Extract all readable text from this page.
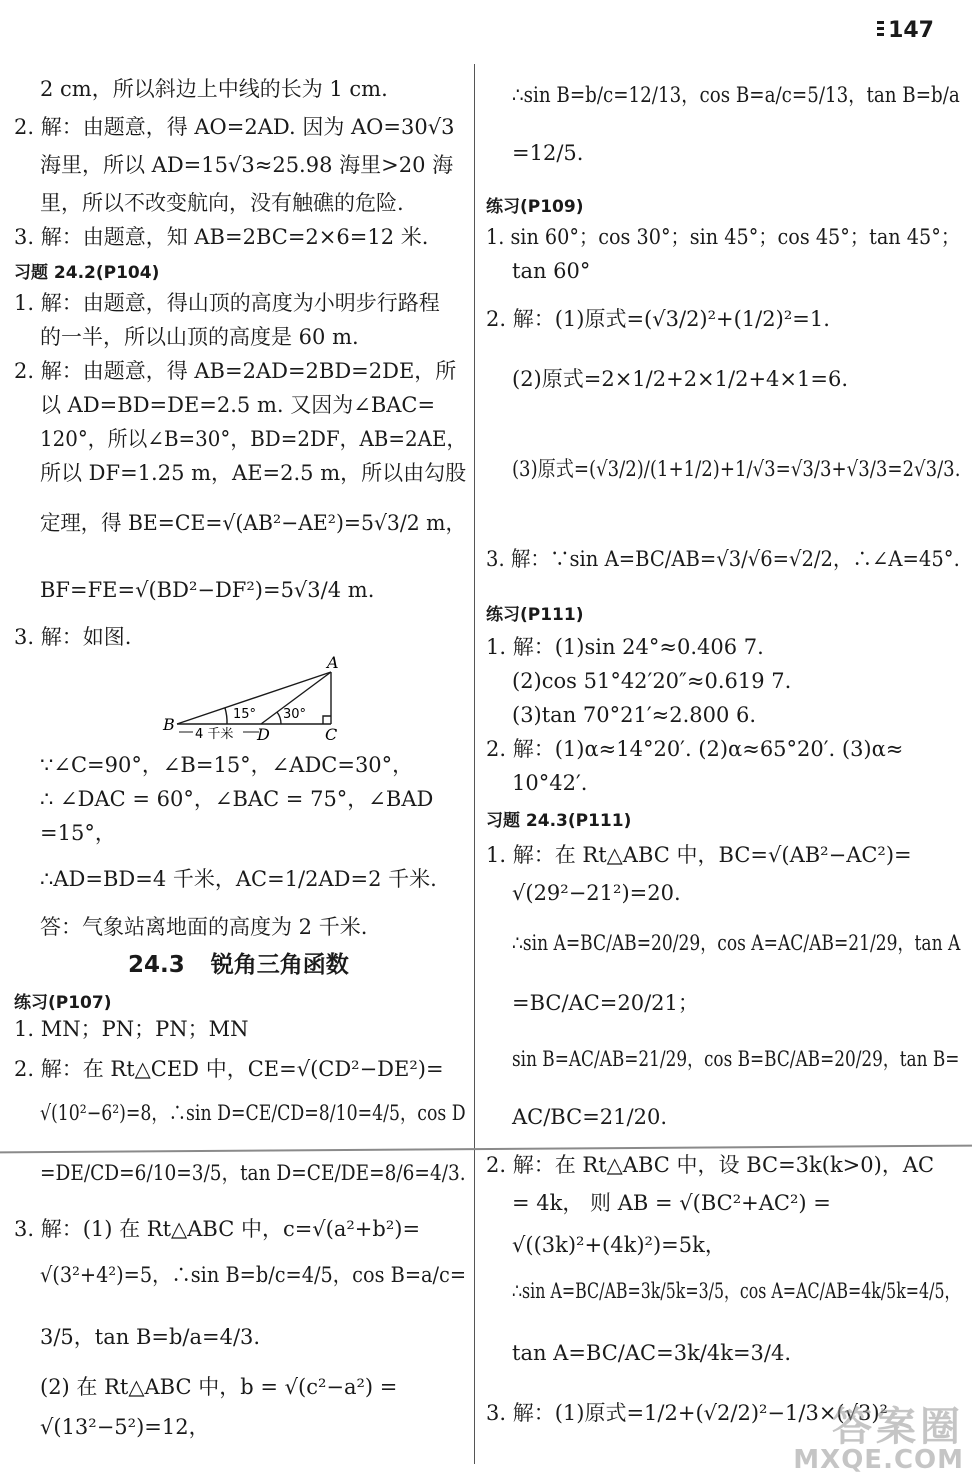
147
2 cm，所以斜边上中线的长为 1 cm.
2. 解：由题意，得 AO=2AD. 因为 AO=30√3
海里，所以 AD=15√3≈25.98 海里>20 海
里，所以不改变航向，没有触礁的危险.
3. 解：由题意，知 AB=2BC=2×6=12 米.
1. 解：由题意，得山顶的高度为小明步行路程
的一半，所以山顶的高度是 60 m.
2. 解：由题意，得 AB=2AD=2BD=2DE，所
以 AD=BD=DE=2.5 m. 又因为∠BAC=
120°，所以∠B=30°，BD=2DF，AB=2AE，
所以 DF=1.25 m，AE=2.5 m，所以由勾股
定理，得 BE=CE=√(AB²−AE²)=5√3/2 m，
BF=FE=√(BD²−DF²)=5√3/4 m.
3. 解：如图.
∵∠C=90°，∠B=15°，∠ADC=30°，
∴ ∠DAC = 60°，∠BAC = 75°，∠BAD
=15°，
∴AD=BD=4 千米，AC=1/2AD=2 千米.
答：气象站离地面的高度为 2 千米.
1. MN；PN；PN；MN
2. 解：在 Rt△CED 中，CE=√(CD²−DE²)=
√(10²−6²)=8，∴sin D=CE/CD=8/10=4/5，cos D
=DE/CD=6/10=3/5，tan D=CE/DE=8/6=4/3.
3. 解：(1) 在 Rt△ABC 中，c=√(a²+b²)=
√(3²+4²)=5，∴sin B=b/c=4/5，cos B=a/c=
3/5，tan B=b/a=4/3.
(2) 在 Rt△ABC 中，b = √(c²−a²) =
√(13²−5²)=12，
习题 24.2(P104)
练习(P107)
∴sin B=b/c=12/13，cos B=a/c=5/13，tan B=b/a
=12/5.
1. sin 60°；cos 30°；sin 45°；cos 45°；tan 45°；
tan 60°
2. 解：(1)原式=(√3/2)²+(1/2)²=1.
(2)原式=2×1/2+2×1/2+4×1=6.
(3)原式=(√3/2)/(1+1/2)+1/√3=√3/3+√3/3=2√3/3.
3. 解：∵sin A=BC/AB=√3/√6=√2/2，∴∠A=45°.
1. 解：(1)sin 24°≈0.406 7.
(2)cos 51°42′20″≈0.619 7.
(3)tan 70°21′≈2.800 6.
2. 解：(1)α≈14°20′. (2)α≈65°20′. (3)α≈
10°42′.
1. 解：在 Rt△ABC 中，BC=√(AB²−AC²)=
√(29²−21²)=20.
∴sin A=BC/AB=20/29，cos A=AC/AB=21/29，tan A
=BC/AC=20/21；
sin B=AC/AB=21/29，cos B=BC/AB=20/29，tan B=
AC/BC=21/20.
2. 解：在 Rt△ABC 中，设 BC=3k(k>0)，AC
= 4k， 则 AB = √(BC²+AC²) =
√((3k)²+(4k)²)=5k，
∴sin A=BC/AB=3k/5k=3/5，cos A=AC/AB=4k/5k=4/5，
tan A=BC/AC=3k/4k=3/4.
3. 解：(1)原式=1/2+(√2/2)²−1/3×(√3)²
练习(P109)
练习(P111)
习题 24.3(P111)
24.3 锐角三角函数
B
A
C
D
15° 30°
4 千米
答案圈
MXQE.COM
